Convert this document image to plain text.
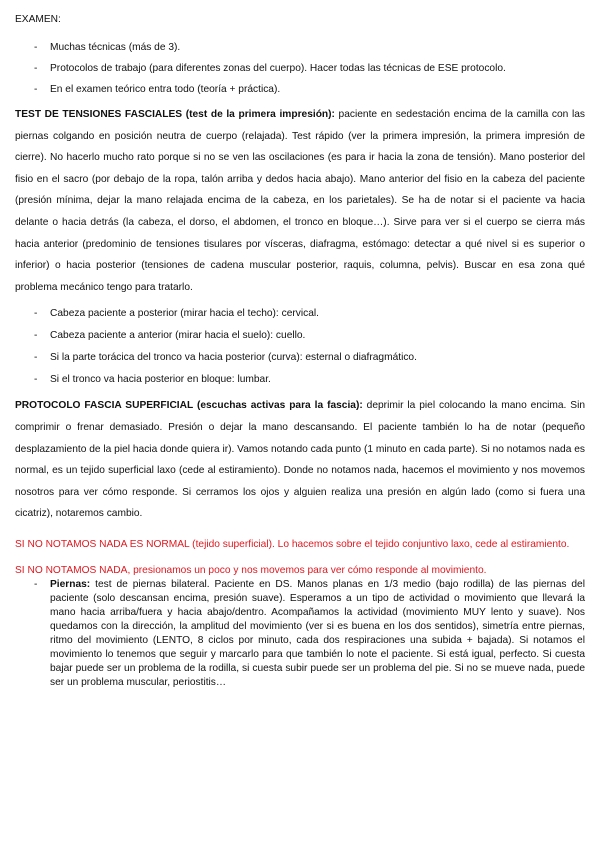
EXAMEN:

- Muchas técnicas (más de 3).
- Protocolos de trabajo (para diferentes zonas del cuerpo). Hacer todas las técnicas de ESE protocolo.
- En el examen teórico entra todo (teoría + práctica).

TEST DE TENSIONES FASCIALES (test de la primera impresión): paciente en sedestación encima de la camilla con las piernas colgando en posición neutra de cuerpo (relajada). Test rápido (ver la primera impresión, la primera impresión de cierre). No hacerlo mucho rato porque si no se ven las oscilaciones (es para ir hacia la zona de tensión). Mano posterior del fisio en el sacro (por debajo de la ropa, talón arriba y dedos hacia abajo). Mano anterior del fisio en la cabeza del paciente (presión mínima, dejar la mano relajada encima de la cabeza, en los parietales). Se ha de notar si el paciente va hacia delante o hacia detrás (la cabeza, el dorso, el abdomen, el tronco en bloque…). Sirve para ver si el cuerpo se cierra más hacia anterior (predominio de tensiones tisulares por vísceras, diafragma, estómago: detectar a qué nivel si es superior o inferior) o hacia posterior (tensiones de cadena muscular posterior, raquis, columna, pelvis). Buscar en esa zona qué problema mecánico tengo para tratarlo.

- Cabeza paciente a posterior (mirar hacia el techo): cervical.
- Cabeza paciente a anterior (mirar hacia el suelo): cuello.
- Si la parte torácica del tronco va hacia posterior (curva): esternal o diafragmático.
- Si el tronco va hacia posterior en bloque: lumbar.

PROTOCOLO FASCIA SUPERFICIAL (escuchas activas para la fascia): deprimir la piel colocando la mano encima. Sin comprimir o frenar demasiado. Presión o dejar la mano descansando. El paciente también lo ha de notar (pequeño desplazamiento de la piel hacia donde quiera ir). Vamos notando cada punto (1 minuto en cada parte). Si no notamos nada es normal, es un tejido superficial laxo (cede al estiramiento). Donde no notamos nada, hacemos el movimiento y nos movemos nosotros para ver cómo responde. Si cerramos los ojos y alguien realiza una presión en algún lado (como si fuera una cicatriz), notaremos cambio.

SI NO NOTAMOS NADA ES NORMAL (tejido superficial). Lo hacemos sobre el tejido conjuntivo laxo, cede al estiramiento.

SI NO NOTAMOS NADA, presionamos un poco y nos movemos para ver cómo responde al movimiento.

- Piernas: test de piernas bilateral. Paciente en DS. Manos planas en 1/3 medio (bajo rodilla) de las piernas del paciente (solo descansan encima, presión suave). Esperamos a un tipo de actividad o movimiento que llevará la mano hacia arriba/fuera y hacia abajo/dentro. Acompañamos la actividad (movimiento MUY lento y suave). Nos quedamos con la dirección, la amplitud del movimiento (ver si es buena en los dos sentidos), simetría entre piernas, ritmo del movimiento (LENTO, 8 ciclos por minuto, cada dos respiraciones una subida + bajada). Si notamos el movimiento lo tenemos que seguir y marcarlo para que también lo note el paciente. Si está igual, perfecto. Si cuesta bajar puede ser un problema de la rodilla, si cuesta subir puede ser un problema del pie. Si no se mueve nada, puede ser un problema muscular, periostitis…
